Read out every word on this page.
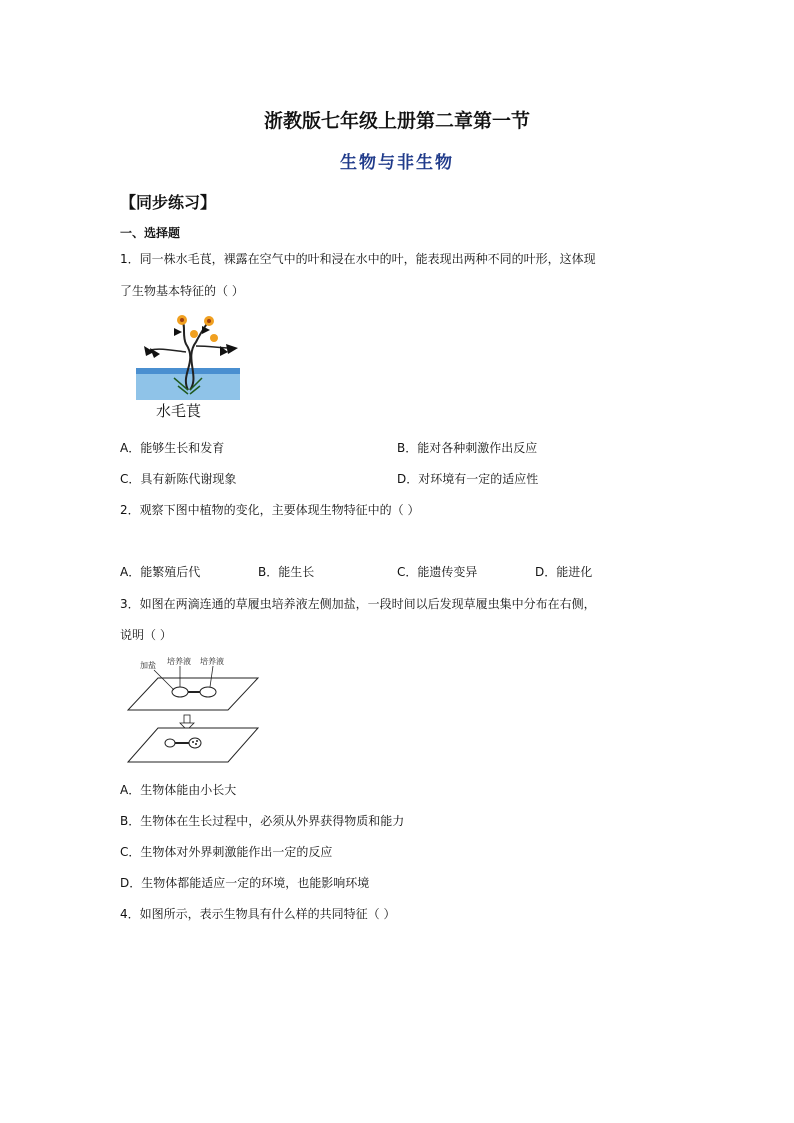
浙教版七年级上册第二章第一节
生物与非生物
【同步练习】
一、选择题
1．同一株水毛茛，裸露在空气中的叶和浸在水中的叶，能表现出两种不同的叶形，这体现
了生物基本特征的（ ）
水毛茛
A．能够生长和发育	B．能对各种刺激作出反应
C．具有新陈代谢现象	D．对环境有一定的适应性
2．观察下图中植物的变化，主要体现生物特征中的（ ）
A．能繁殖后代	B．能生长	C．能遗传变异	D．能进化
3．如图在两滴连通的草履虫培养液左侧加盐，一段时间以后发现草履虫集中分布在右侧，
说明（ ）
加盐 培养液 培养液
A．生物体能由小长大
B．生物体在生长过程中，必须从外界获得物质和能力
C．生物体对外界刺激能作出一定的反应
D．生物体都能适应一定的环境，也能影响环境
4．如图所示，表示生物具有什么样的共同特征（ ）
